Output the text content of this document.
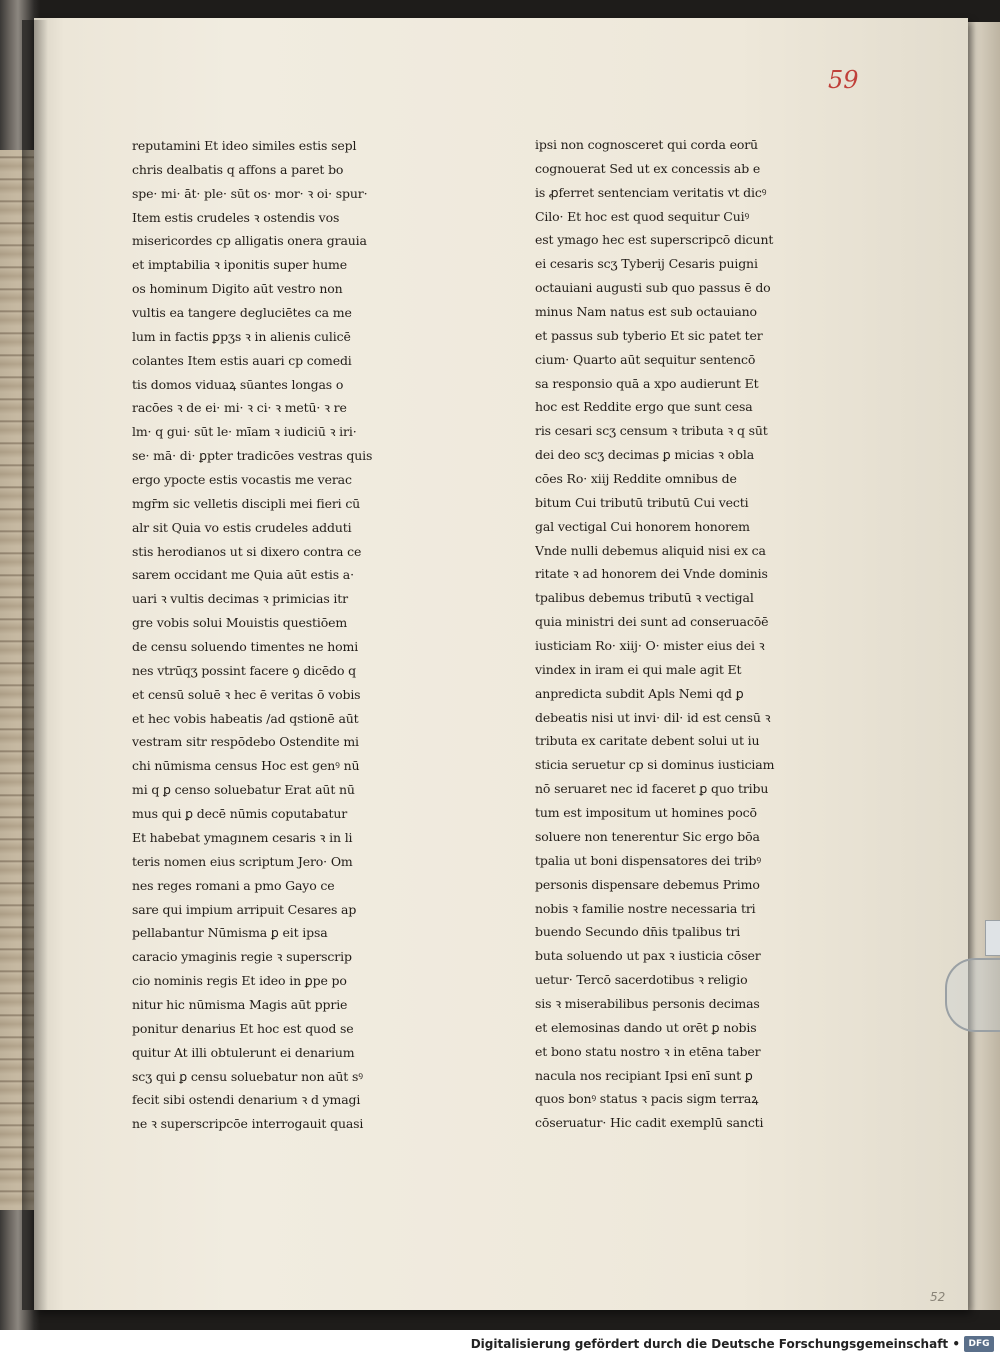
59
reputamini Et ideo similes estis sepl
chris dealbatis q affons a paret bo
spe· mi· āt· ple· sūt os· mor· ꝛ oi· spur·
Item estis crudeles ꝛ ostendis vos
misericordes cp alligatis onera grauia
et imptabilia ꝛ iponitis super hume
os hominum Digito aūt vestro non
vultis ea tangere degluciētes ca me
lum in factis ꝑpʒs ꝛ in alienis culicē
colantes Item estis auari cp comedi
tis domos viduaꝝ sūantes longas o
racōes ꝛ de ei· mi· ꝛ ci· ꝛ metū· ꝛ re
lm· q gui· sūt le· mīam ꝛ iudiciū ꝛ iri·
se· mā· di· ꝑpter tradicōes vestras quis
ergo ypocte estis vocastis me verac
mgr̄m sic velletis discipli mei fieri cū
alr sit Quia vo estis crudeles adduti
stis herodianos ut si dixero contra ce
sarem occidant me Quia aūt estis a·
uari ꝛ vultis decimas ꝛ primicias itr
gre vobis solui Mouistis questiōem
de censu soluendo timentes ne homi
nes vtrūqʒ possint facere ꝯ dicēdo q
et censū soluē ꝛ hec ē veritas ō vobis
et hec vobis habeatis /ad qstionē aūt
vestram sitr respōdebo Ostendite mi
chi nūmisma census Hoc est genꝰ nū
mi q ꝑ censo soluebatur Erat aūt nū
mus qui ꝑ decē nūmis coputabatur
Et habebat ymagınem cesaris ꝛ in li
teris nomen eius scriptum Jero· Om
nes reges romani a pmo Gayo ce
sare qui impium arripuit Cesares ap
pellabantur Nūmisma ꝑ eit ipsa
caracio ymaginis regie ꝛ superscrip
cio nominis regis Et ideo in ꝑpe po
nitur hic nūmisma Magis aūt pprie
ponitur denarius Et hoc est quod se
quitur At illi obtulerunt ei denarium
scʒ qui ꝑ censu soluebatur non aūt sꝰ
fecit sibi ostendi denarium ꝛ d ymagi
ne ꝛ superscripcōe interrogauit quasi
ipsi non cognosceret qui corda eorū
cognouerat Sed ut ex concessis ab e
is ꝓferret sentenciam veritatis vt dicꝰ
Cilo· Et hoc est quod sequitur Cuiꝰ
est ymago hec est superscripcō dicunt
ei cesaris scʒ Tyberij Cesaris puigni
octauiani augusti sub quo passus ē do
minus Nam natus est sub octauiano
et passus sub tyberio Et sic patet ter
cium· Quarto aūt sequitur sentencō
sa responsio quā a xpo audierunt Et
hoc est Reddite ergo que sunt cesa
ris cesari scʒ censum ꝛ tributa ꝛ q sūt
dei deo scʒ decimas ꝑ micias ꝛ obla
cōes Ro· xiij Reddite omnibus de
bitum Cui tributū tributū Cui vecti
gal vectigal Cui honorem honorem
Vnde nulli debemus aliquid nisi ex ca
ritate ꝛ ad honorem dei Vnde dominis
tpalibus debemus tributū ꝛ vectigal
quia ministri dei sunt ad conseruacōē
iusticiam Ro· xiij· O· mister eius dei ꝛ
vindex in iram ei qui male agit Et
anpredicta subdit Apls Nemi qd ꝑ
debeatis nisi ut invi· dil· id est censū ꝛ
tributa ex caritate debent solui ut iu
sticia seruetur cp si dominus iusticiam
nō seruaret nec id faceret ꝑ quo tribu
tum est impositum ut homines pocō
soluere non tenerentur Sic ergo bōa
tpalia ut boni dispensatores dei tribꝰ
personis dispensare debemus Primo
nobis ꝛ familie nostre necessaria tri
buendo Secundo dn̄is tpalibus tri
buta soluendo ut pax ꝛ iusticia cōser
uetur· Tercō sacerdotibus ꝛ religio
sis ꝛ miserabilibus personis decimas
et elemosinas dando ut orēt ꝑ nobis
et bono statu nostro ꝛ in etēna taber
nacula nos recipiant Ipsi enī sunt ꝑ
quos bonꝰ status ꝛ pacis sigm terraꝝ
cōseruatur· Hic cadit exemplū sancti
52
Digitalisierung gefördert durch die Deutsche Forschungsgemeinschaft • DFG
